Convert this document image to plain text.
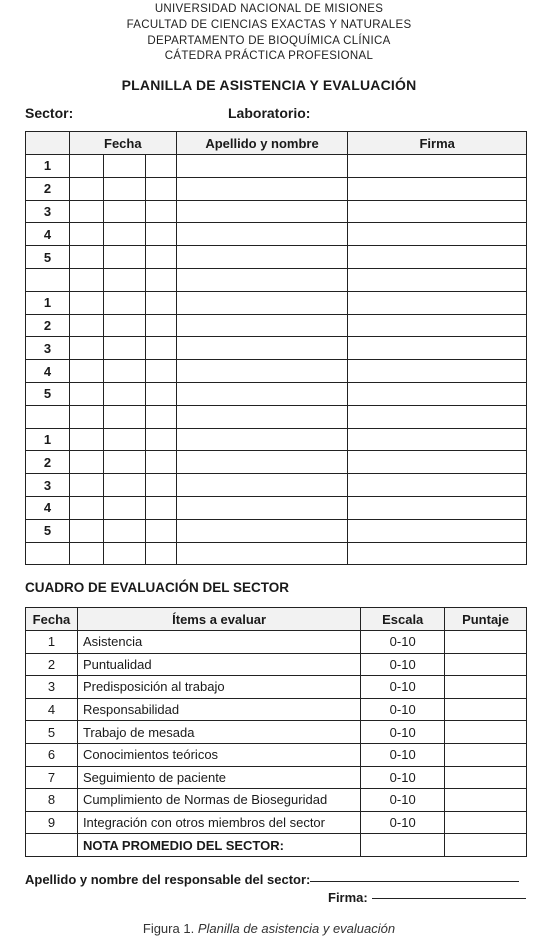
UNIVERSIDAD NACIONAL DE MISIONES
FACULTAD DE CIENCIAS EXACTAS Y NATURALES
DEPARTAMENTO DE BIOQUÍMICA CLÍNICA
CÁTEDRA PRÁCTICA PROFESIONAL
PLANILLA DE ASISTENCIA Y EVALUACIÓN
Sector:	Laboratorio:
	Fecha			Apellido y nombre	Firma
1					
2					
3					
4					
5					

1					
2					
3					
4					
5					

1					
2					
3					
4					
5					

CUADRO DE EVALUACIÓN DEL SECTOR
Fecha	Ítems a evaluar	Escala	Puntaje
1	Asistencia	0-10	
2	Puntualidad	0-10	
3	Predisposición al trabajo	0-10	
4	Responsabilidad	0-10	
5	Trabajo de mesada	0-10	
6	Conocimientos teóricos	0-10	
7	Seguimiento de paciente	0-10	
8	Cumplimiento de Normas de Bioseguridad	0-10	
9	Integración con otros miembros del sector	0-10	
	NOTA PROMEDIO DEL SECTOR:		
Apellido y nombre del responsable del sector:
Firma:
Figura 1. Planilla de asistencia y evaluación
